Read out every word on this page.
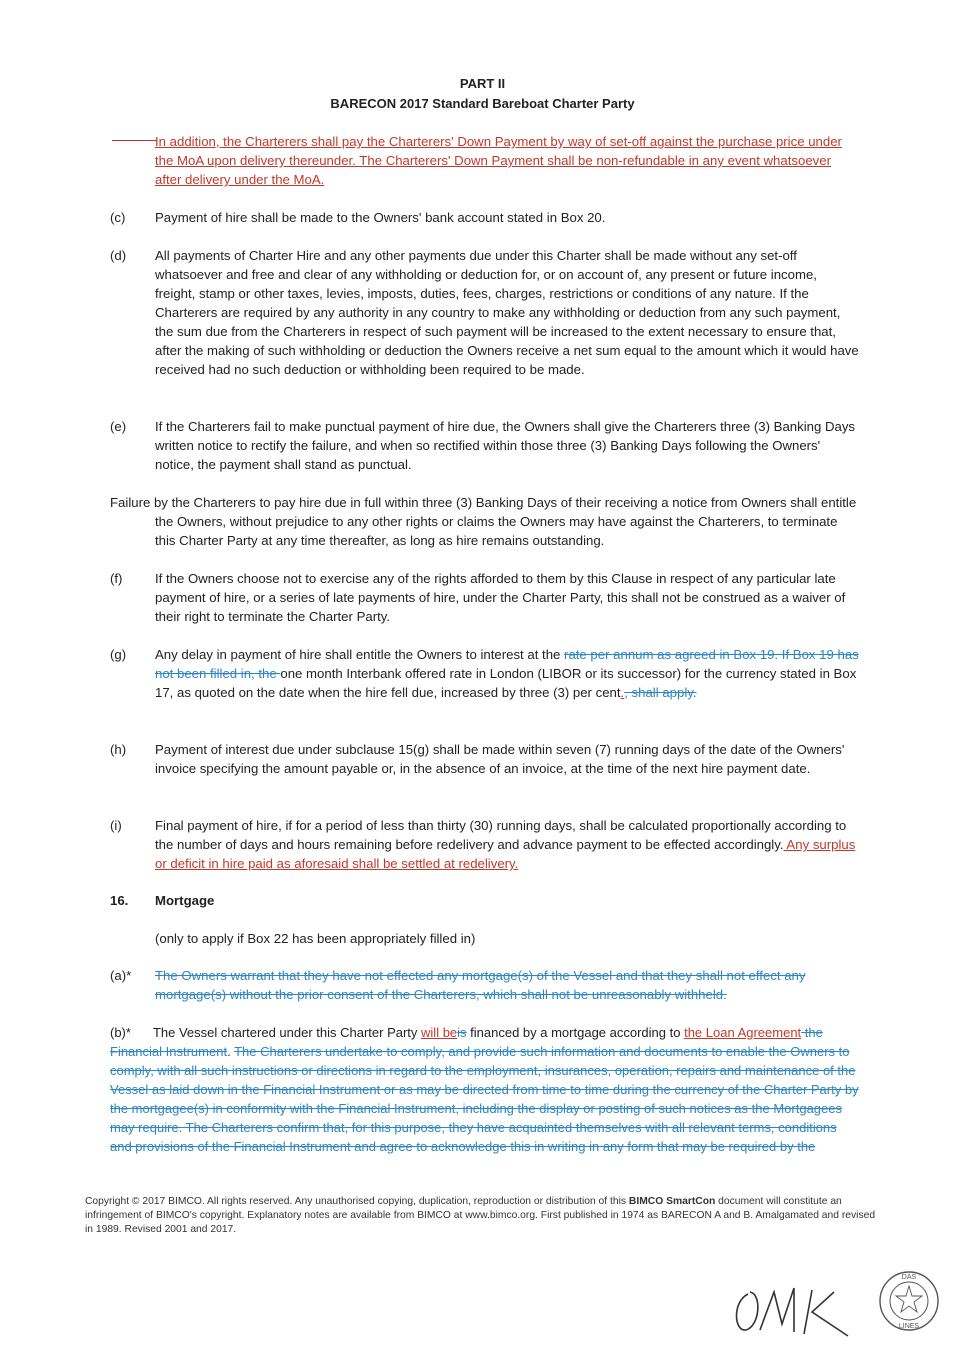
PART II
BARECON 2017 Standard Bareboat Charter Party
In addition, the Charterers shall pay the Charterers' Down Payment by way of set-off against the purchase price under the MoA upon delivery thereunder. The Charterers' Down Payment shall be non-refundable in any event whatsoever after delivery under the MoA.
(c) Payment of hire shall be made to the Owners' bank account stated in Box 20.
(d) All payments of Charter Hire and any other payments due under this Charter shall be made without any set-off whatsoever and free and clear of any withholding or deduction for, or on account of, any present or future income, freight, stamp or other taxes, levies, imposts, duties, fees, charges, restrictions or conditions of any nature. If the Charterers are required by any authority in any country to make any withholding or deduction from any such payment, the sum due from the Charterers in respect of such payment will be increased to the extent necessary to ensure that, after the making of such withholding or deduction the Owners receive a net sum equal to the amount which it would have received had no such deduction or withholding been required to be made.
(e) If the Charterers fail to make punctual payment of hire due, the Owners shall give the Charterers three (3) Banking Days written notice to rectify the failure, and when so rectified within those three (3) Banking Days following the Owners' notice, the payment shall stand as punctual.
Failure by the Charterers to pay hire due in full within three (3) Banking Days of their receiving a notice from Owners shall entitle the Owners, without prejudice to any other rights or claims the Owners may have against the Charterers, to terminate this Charter Party at any time thereafter, as long as hire remains outstanding.
(f) If the Owners choose not to exercise any of the rights afforded to them by this Clause in respect of any particular late payment of hire, or a series of late payments of hire, under the Charter Party, this shall not be construed as a waiver of their right to terminate the Charter Party.
(g) Any delay in payment of hire shall entitle the Owners to interest at the rate per annum as agreed in Box 19. If Box 19 has not been filled in, the one month Interbank offered rate in London (LIBOR or its successor) for the currency stated in Box 17, as quoted on the date when the hire fell due, increased by three (3) per cent., shall apply.
(h) Payment of interest due under subclause 15(g) shall be made within seven (7) running days of the date of the Owners' invoice specifying the amount payable or, in the absence of an invoice, at the time of the next hire payment date.
(i)	Final payment of hire, if for a period of less than thirty (30) running days, shall be calculated proportionally according to the number of days and hours remaining before redelivery and advance payment to be effected accordingly. Any surplus or deficit in hire paid as aforesaid shall be settled at redelivery.
16. Mortgage
(only to apply if Box 22 has been appropriately filled in)
(a)* The Owners warrant that they have not effected any mortgage(s) of the Vessel and that they shall not effect any mortgage(s) without the prior consent of the Charterers, which shall not be unreasonably withheld.
(b)* The Vessel chartered under this Charter Party will beis financed by a mortgage according to the Loan Agreement the Financial Instrument. The Charterers undertake to comply, and provide such information and documents to enable the Owners to comply, with all such instructions or directions in regard to the employment, insurances, operation, repairs and maintenance of the Vessel as laid down in the Financial Instrument or as may be directed from time to time during the currency of the Charter Party by the mortgagee(s) in conformity with the Financial Instrument, including the display or posting of such notices as the Mortgagees may require. The Charterers confirm that, for this purpose, they have acquainted themselves with all relevant terms, conditions and provisions of the Financial Instrument and agree to acknowledge this in writing in any form that may be required by the
Copyright © 2017 BIMCO. All rights reserved. Any unauthorised copying, duplication, reproduction or distribution of this BIMCO SmartCon document will constitute an infringement of BIMCO's copyright. Explanatory notes are available from BIMCO at www.bimco.org. First published in 1974 as BARECON A and B. Amalgamated and revised in 1989. Revised 2001 and 2017.
DAS
LINES
